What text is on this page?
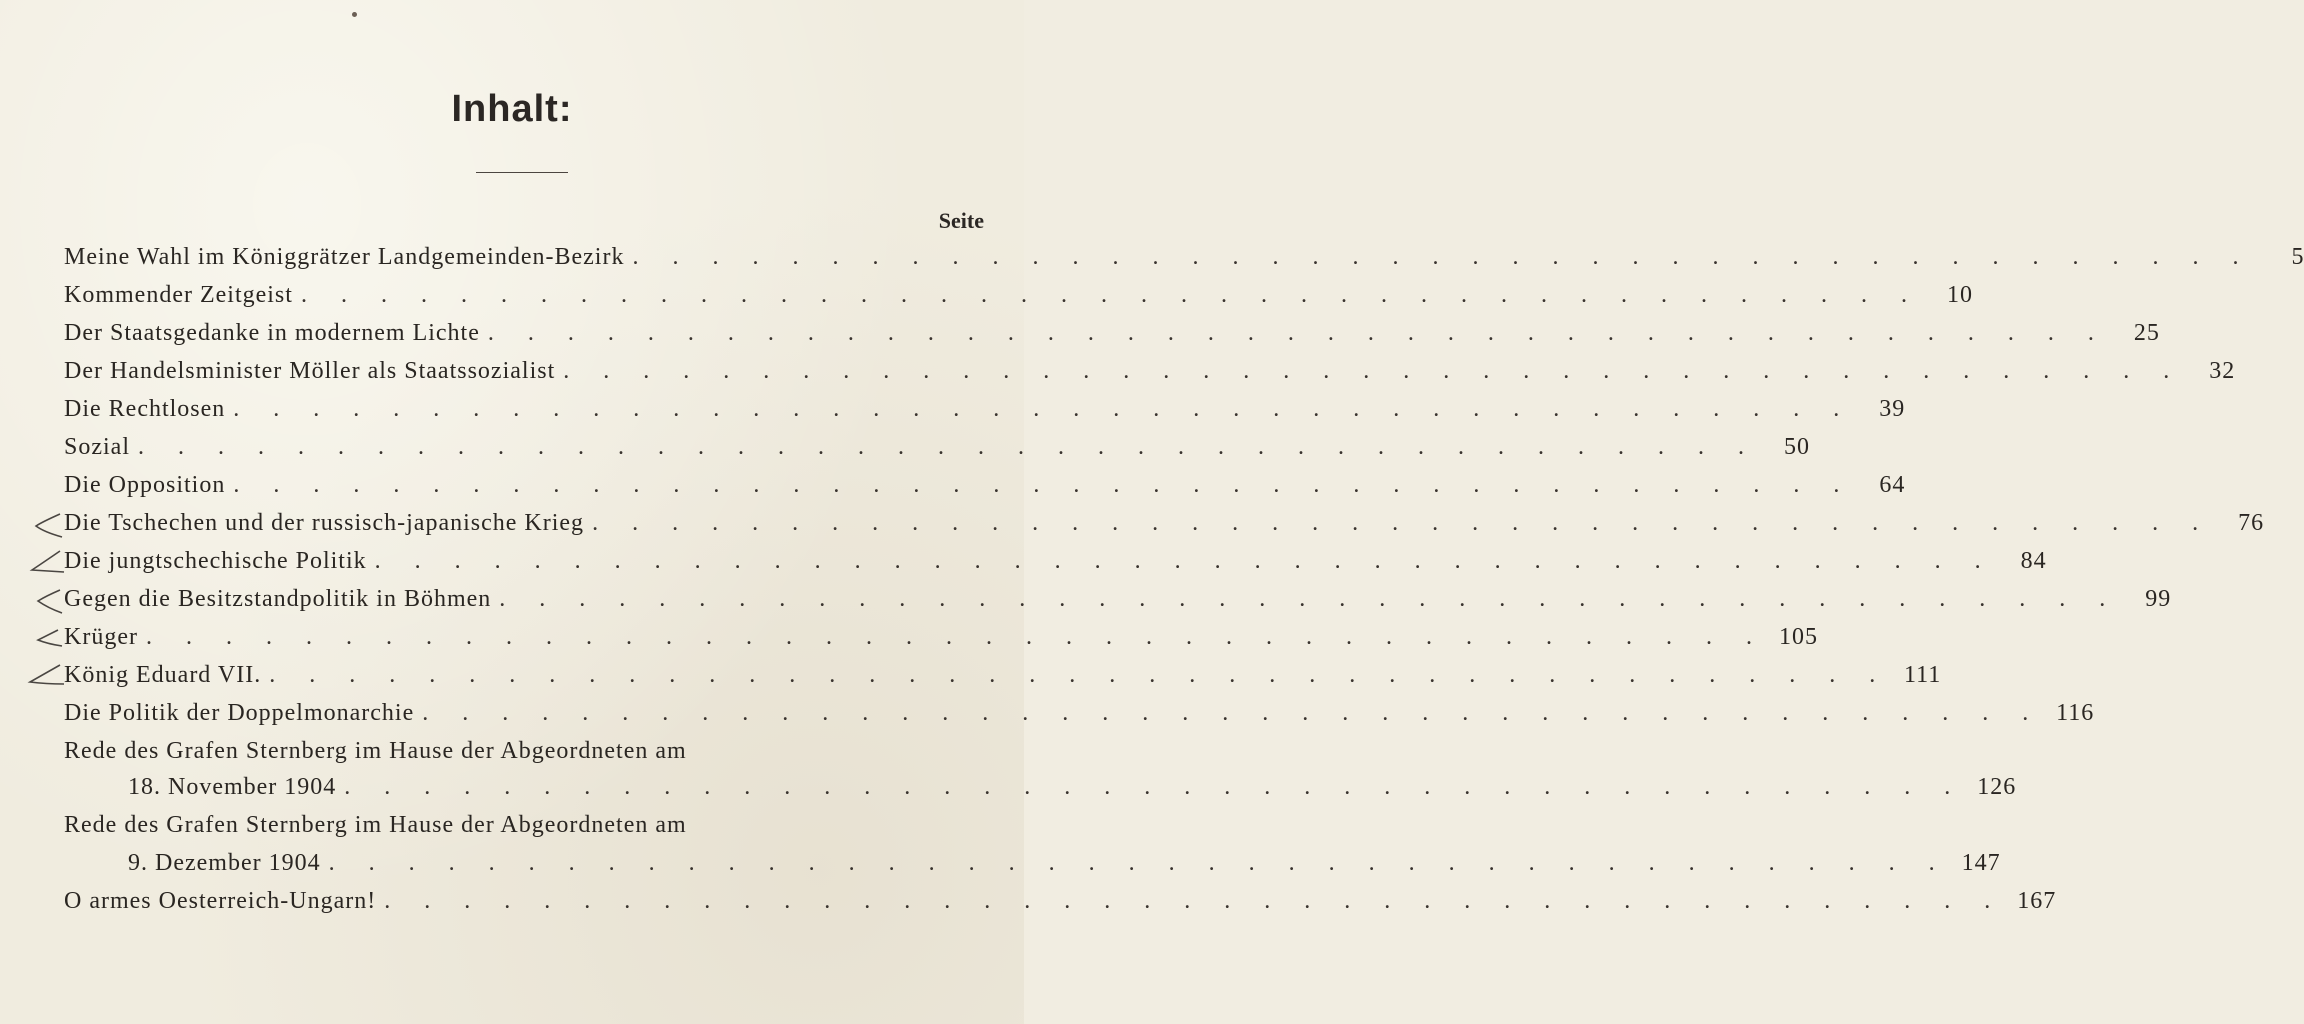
Inhalt:
Seite
Meine Wahl im Königgrätzer Landgemeinden-Bezirk . . . . . . . . . . . . . . . . . . . . . . . . . . . . . . . . . . . . . . . . .	5
Kommender Zeitgeist . . . . . . . . . . . . . . . . . . . . . . . . . . . . . . . . . . . . . . . . .	10
Der Staatsgedanke in modernem Lichte . . . . . . . . . . . . . . . . . . . . . . . . . . . . . . . . . . . . . . . . .	25
Der Handelsminister Möller als Staatssozialist . . . . . . . . . . . . . . . . . . . . . . . . . . . . . . . . . . . . . . . . .	32
Die Rechtlosen . . . . . . . . . . . . . . . . . . . . . . . . . . . . . . . . . . . . . . . . .	39
Sozial . . . . . . . . . . . . . . . . . . . . . . . . . . . . . . . . . . . . . . . . .	50
Die Opposition . . . . . . . . . . . . . . . . . . . . . . . . . . . . . . . . . . . . . . . . .	64
Die Tschechen und der russisch-japanische Krieg . . . . . . . . . . . . . . . . . . . . . . . . . . . . . . . . . . . . . . . . .	76
Die jungtschechische Politik . . . . . . . . . . . . . . . . . . . . . . . . . . . . . . . . . . . . . . . . .	84
Gegen die Besitzstandpolitik in Böhmen . . . . . . . . . . . . . . . . . . . . . . . . . . . . . . . . . . . . . . . . .	99
Krüger . . . . . . . . . . . . . . . . . . . . . . . . . . . . . . . . . . . . . . . . . 105
König Eduard VII. . . . . . . . . . . . . . . . . . . . . . . . . . . . . . . . . . . . . . . . . . 111
Die Politik der Doppelmonarchie . . . . . . . . . . . . . . . . . . . . . . . . . . . . . . . . . . . . . . . . . 116
Rede des Grafen Sternberg im Hause der Abgeordneten am
18. November 1904 . . . . . . . . . . . . . . . . . . . . . . . . . . . . . . . . . . . . . . . . . 126
Rede des Grafen Sternberg im Hause der Abgeordneten am
9. Dezember 1904 . . . . . . . . . . . . . . . . . . . . . . . . . . . . . . . . . . . . . . . . . 147
O armes Oesterreich-Ungarn! . . . . . . . . . . . . . . . . . . . . . . . . . . . . . . . . . . . . . . . . . 167
